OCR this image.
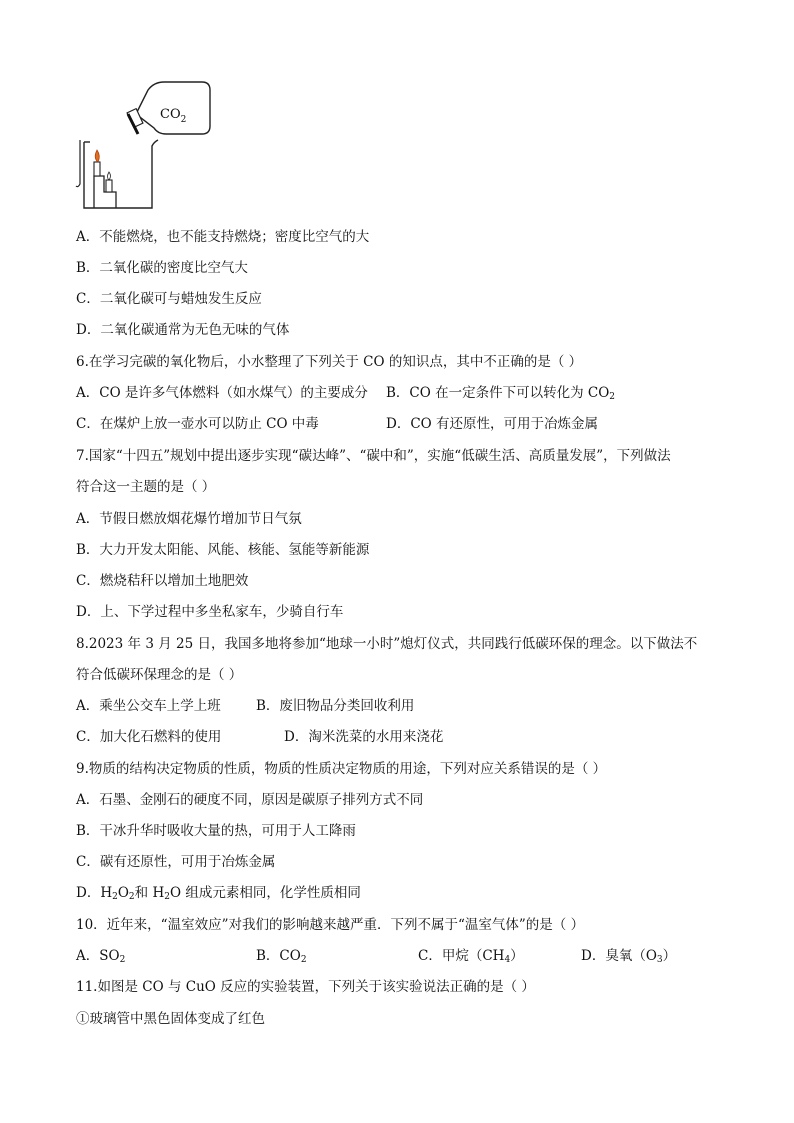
$CO_2$
A．不能燃烧，也不能支持燃烧；密度比空气的大
B．二氧化碳的密度比空气大
C．二氧化碳可与蜡烛发生反应
D．二氧化碳通常为无色无味的气体
6.在学习完碳的氧化物后，小水整理了下列关于 CO 的知识点，其中不正确的是（ ）
A．CO 是许多气体燃料（如水煤气）的主要成分 B．CO 在一定条件下可以转化为 $CO_2$
C．在煤炉上放一壶水可以防止 CO 中毒	D．CO 有还原性，可用于冶炼金属
7.国家“十四五”规划中提出逐步实现“碳达峰”、“碳中和”，实施“低碳生活、高质量发展”，下列做法
符合这一主题的是（ ）
A．节假日燃放烟花爆竹增加节日气氛
B．大力开发太阳能、风能、核能、氢能等新能源
C．燃烧秸秆以增加土地肥效
D．上、下学过程中多坐私家车，少骑自行车
8.2023 年 3 月 25 日，我国多地将参加“地球一小时”熄灯仪式，共同践行低碳环保的理念。以下做法不
符合低碳环保理念的是（ ）
A．乘坐公交车上学上班	B．废旧物品分类回收利用
C．加大化石燃料的使用	D．淘米洗菜的水用来浇花
9.物质的结构决定物质的性质，物质的性质决定物质的用途，下列对应关系错误的是（ ）
A．石墨、金刚石的硬度不同，原因是碳原子排列方式不同
B．干冰升华时吸收大量的热，可用于人工降雨
C．碳有还原性，可用于冶炼金属
D．$H_2O_2$和 $H_2O$ 组成元素相同，化学性质相同
10．近年来，“温室效应”对我们的影响越来越严重．下列不属于“温室气体”的是（ ）
A．$SO_2$	B．$CO_2$	C．甲烷$(CH_4)$	D．臭氧$(O_3)$
11.如图是 CO 与 CuO 反应的实验装置，下列关于该实验说法正确的是（ ）
①玻璃管中黑色固体变成了红色
